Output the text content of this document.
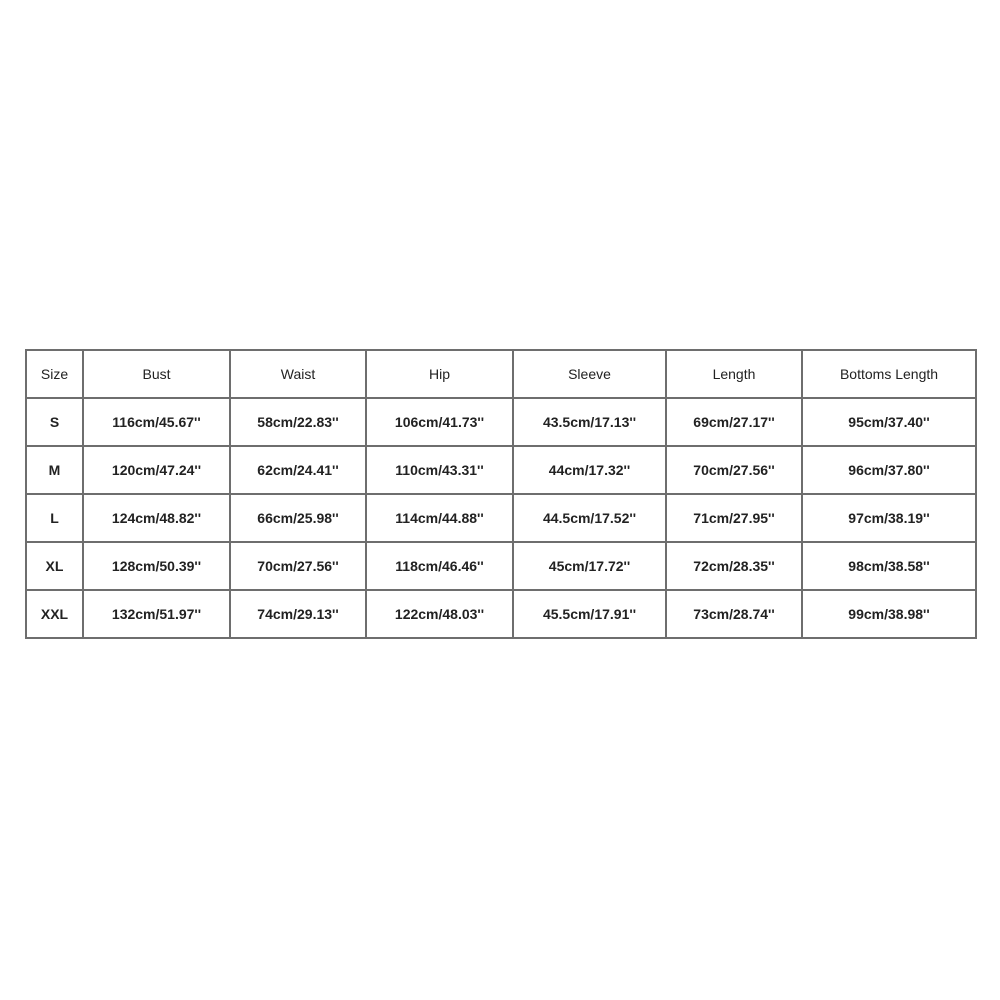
Size	Bust	Waist	Hip	Sleeve	Length	Bottoms Length
S	116cm/45.67''	58cm/22.83''	106cm/41.73''	43.5cm/17.13''	69cm/27.17''	95cm/37.40''
M	120cm/47.24''	62cm/24.41''	110cm/43.31''	44cm/17.32''	70cm/27.56''	96cm/37.80''
L	124cm/48.82''	66cm/25.98''	114cm/44.88''	44.5cm/17.52''	71cm/27.95''	97cm/38.19''
XL	128cm/50.39''	70cm/27.56''	118cm/46.46''	45cm/17.72''	72cm/28.35''	98cm/38.58''
XXL	132cm/51.97''	74cm/29.13''	122cm/48.03''	45.5cm/17.91''	73cm/28.74''	99cm/38.98''
